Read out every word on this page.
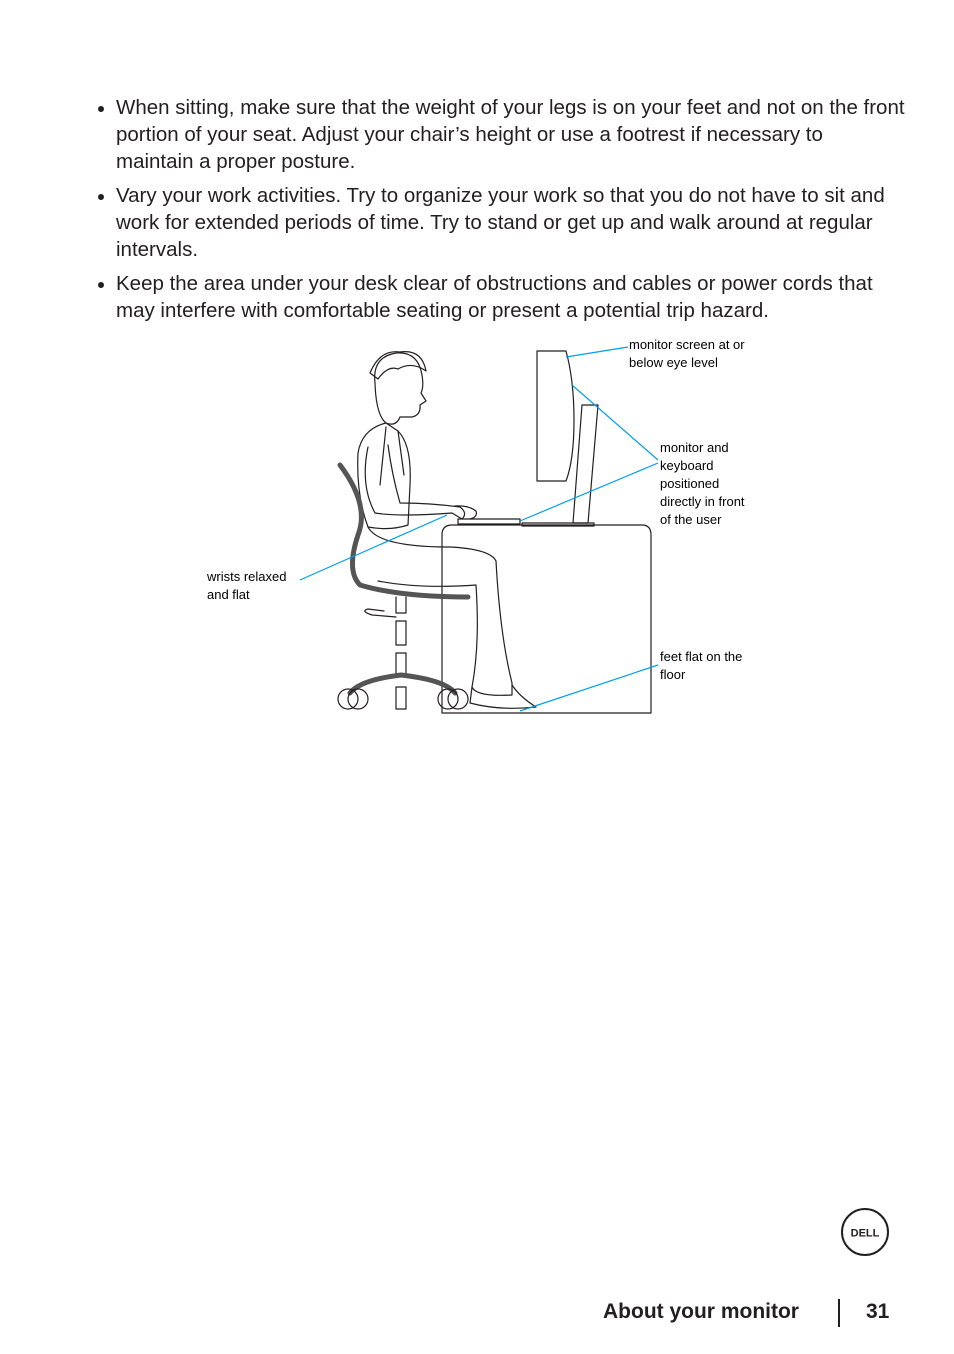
When sitting, make sure that the weight of your legs is on your feet and not on the front portion of your seat. Adjust your chair’s height or use a footrest if necessary to maintain a proper posture.
Vary your work activities. Try to organize your work so that you do not have to sit and work for extended periods of time. Try to stand or get up and walk around at regular intervals.
Keep the area under your desk clear of obstructions and cables or power cords that may interfere with comfortable seating or present a potential trip hazard.
monitor screen at or
below eye level
monitor and
keyboard
positioned
directly in front
of the user
wrists relaxed
and flat
feet flat on the
floor
DELL
About your monitor	31
